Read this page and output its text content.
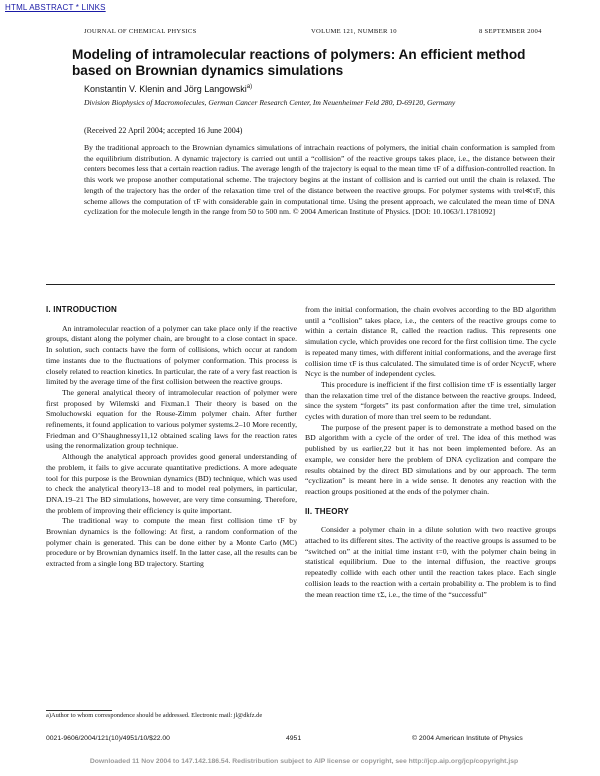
HTML ABSTRACT * LINKS
JOURNAL OF CHEMICAL PHYSICS	VOLUME 121, NUMBER 10	8 SEPTEMBER 2004
Modeling of intramolecular reactions of polymers: An efficient method based on Brownian dynamics simulations
Konstantin V. Klenin and Jörg Langowski$^{a)}$
Division Biophysics of Macromolecules, German Cancer Research Center, Im Neuenheimer Feld 280, D-69120, Germany
(Received 22 April 2004; accepted 16 June 2004)
By the traditional approach to the Brownian dynamics simulations of intrachain reactions of polymers, the initial chain conformation is sampled from the equilibrium distribution. A dynamic trajectory is carried out until a “collision” of the reactive groups takes place, i.e., the distance between their centers becomes less that a certain reaction radius. The average length of the trajectory is equal to the mean time τF of a diffusion-controlled reaction. In this work we propose another computational scheme. The trajectory begins at the instant of collision and is carried out until the chain is relaxed. The length of the trajectory has the order of the relaxation time τrel of the distance between the reactive groups. For polymer systems with τrel≪τF, this scheme allows the computation of τF with considerable gain in computational time. Using the present approach, we calculated the mean time of DNA cyclization for the molecule length in the range from 50 to 500 nm. © 2004 American Institute of Physics. [DOI: 10.1063/1.1781092]
I. INTRODUCTION

An intramolecular reaction of a polymer can take place only if the reactive groups, distant along the polymer chain, are brought to a close contact in space. In solution, such contacts have the form of collisions, which occur at random time instants due to the fluctuations of polymer conformation. This process is closely related to reaction kinetics. In particular, the rate of a very fast reaction is limited by the average time of the first collision between the reactive groups.

The general analytical theory of intramolecular reaction of polymer were first proposed by Wilemski and Fixman.1 Their theory is based on the Smoluchowski equation for the Rouse-Zimm polymer chain. After further refinements, it found application to various polymer systems.2–10 More recently, Friedman and O’Shaughnessy11,12 obtained scaling laws for the reaction rates using the renormalization group technique.

Although the analytical approach provides good general understanding of the problem, it fails to give accurate quantitative predictions. A more adequate tool for this purpose is the Brownian dynamics (BD) technique, which was used to check the analytical theory13–18 and to model real polymers, in particular, DNA.19–21 The BD simulations, however, are very time consuming. Therefore, the problem of improving their efficiency is quite important.

The traditional way to compute the mean first collision time τF by Brownian dynamics is the following: At first, a random conformation of the polymer chain is generated. This can be done either by a Monte Carlo (MC) procedure or by Brownian dynamics itself. In the latter case, all the results can be extracted from a single long BD trajectory. Starting

from the initial conformation, the chain evolves according to the BD algorithm until a “collision” takes place, i.e., the centers of the reactive groups come to within a certain distance R, called the reaction radius. This represents one simulation cycle, which provides one record for the first collision time. The cycle is repeated many times, with different initial conformations, and the average first collision time τF is thus calculated. The simulated time is of order NcycτF, where Ncyc is the number of independent cycles.

This procedure is inefficient if the first collision time τF is essentially larger than the relaxation time τrel of the distance between the reactive groups. Indeed, since the system “forgets” its past conformation after the time τrel, simulation cycles with duration of more than τrel seem to be redundant.

The purpose of the present paper is to demonstrate a method based on the BD algorithm with a cycle of the order of τrel. The idea of this method was published by us earlier,22 but it has not been implemented before. As an example, we consider here the problem of DNA cyclization and compare the results obtained by the direct BD simulations and by our approach. The term “cyclization” is meant here in a wide sense. It denotes any reaction with the reaction groups positioned at the ends of the polymer chain.

II. THEORY

Consider a polymer chain in a dilute solution with two reactive groups attached to its different sites. The activity of the reactive groups is assumed to be “switched on” at the initial time instant t=0, with the polymer chain being in statistical equilibrium. Due to the internal diffusion, the reactive groups repeatedly collide with each other until the reaction takes place. Each single collision leads to the reaction with a certain probability α. The problem is to find the mean reaction time τΣ, i.e., the time of the “successful”

a)Author to whom correspondence should be addressed. Electronic mail: jl@dkfz.de
0021-9606/2004/121(10)/4951/10/$22.00	4951	© 2004 American Institute of Physics
Downloaded 11 Nov 2004 to 147.142.186.54. Redistribution subject to AIP license or copyright, see http://jcp.aip.org/jcp/copyright.jsp
